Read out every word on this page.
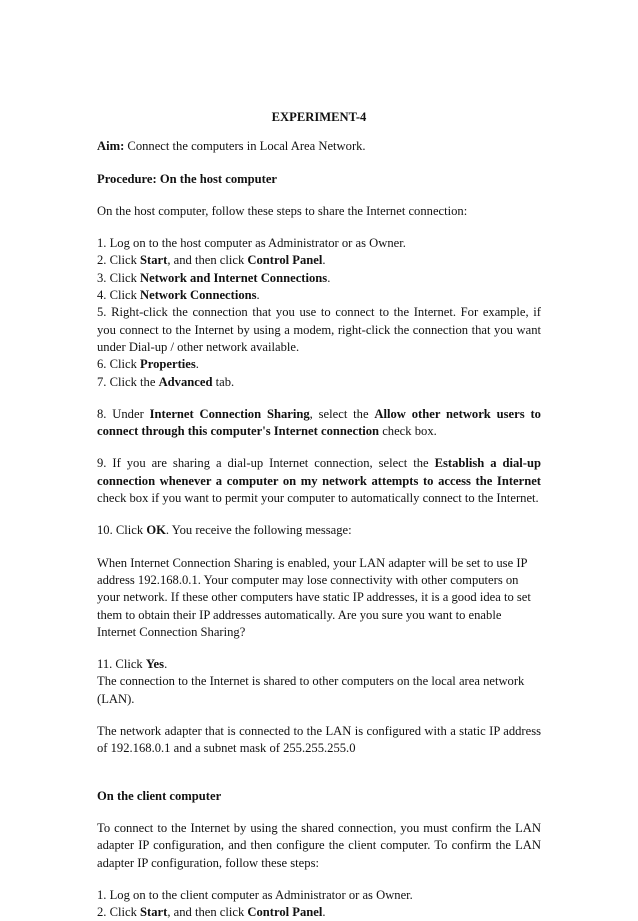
EXPERIMENT-4

Aim: Connect the computers in Local Area Network.

Procedure: On the host computer

On the host computer, follow these steps to share the Internet connection:

1. Log on to the host computer as Administrator or as Owner.

2. Click Start, and then click Control Panel.

3. Click Network and Internet Connections.

4. Click Network Connections.

5. Right-click the connection that you use to connect to the Internet. For example, if you connect to the Internet by using a modem, right-click the connection that you want under Dial-up / other network available.

6. Click Properties.

7. Click the Advanced tab.

8. Under Internet Connection Sharing, select the Allow other network users to connect through this computer's Internet connection check box.

9. If you are sharing a dial-up Internet connection, select the Establish a dial-up connection whenever a computer on my network attempts to access the Internet check box if you want to permit your computer to automatically connect to the Internet.

10. Click OK. You receive the following message:

When Internet Connection Sharing is enabled, your LAN adapter will be set to use IP address 192.168.0.1. Your computer may lose connectivity with other computers on your network. If these other computers have static IP addresses, it is a good idea to set them to obtain their IP addresses automatically. Are you sure you want to enable Internet Connection Sharing?

11. Click Yes.

The connection to the Internet is shared to other computers on the local area network (LAN).

The network adapter that is connected to the LAN is configured with a static IP address of 192.168.0.1 and a subnet mask of 255.255.255.0

On the client computer

To connect to the Internet by using the shared connection, you must confirm the LAN adapter IP configuration, and then configure the client computer. To confirm the LAN adapter IP configuration, follow these steps:

1. Log on to the client computer as Administrator or as Owner.

2. Click Start, and then click Control Panel.
